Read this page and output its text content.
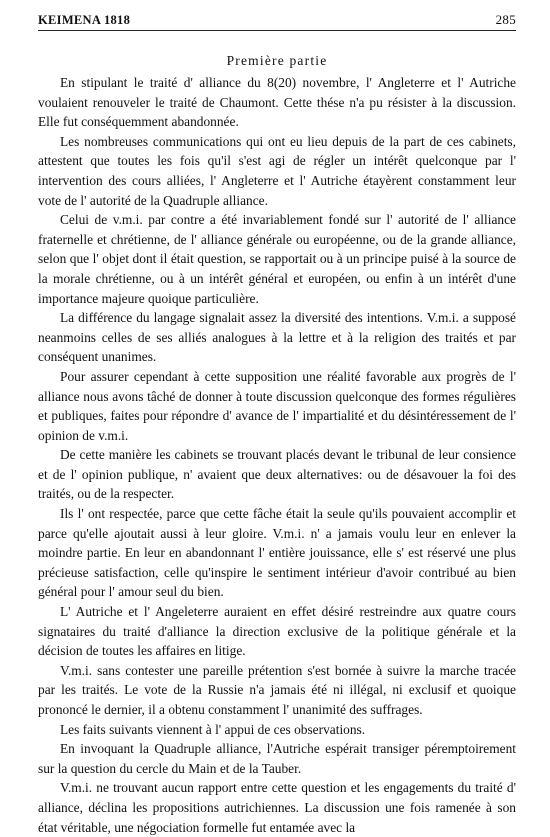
KEIMENA 1818	285
Première partie

En stipulant le traité d' alliance du 8(20) novembre, l' Angleterre et l' Autriche voulaient renouveler le traité de Chaumont. Cette thése n'a pu résister à la discussion. Elle fut conséquemment abandonnée.

Les nombreuses communications qui ont eu lieu depuis de la part de ces cabinets, attestent que toutes les fois qu'il s'est agi de régler un intérêt quelconque par l' intervention des cours alliées, l' Angleterre et l' Autriche étayèrent constamment leur vote de l' autorité de la Quadruple alliance.

Celui de v.m.i. par contre a été invariablement fondé sur l' autorité de l' alliance fraternelle et chrétienne, de l' alliance générale ou européenne, ou de la grande alliance, selon que l' objet dont il était question, se rapportait ou à un principe puisé à la source de la morale chrétienne, ou à un intérêt général et européen, ou enfin à un intérêt d'une importance majeure quoique particulière.

La différence du langage signalait assez la diversité des intentions. V.m.i. a supposé neanmoins celles de ses alliés analogues à la lettre et à la religion des traités et par conséquent unanimes.

Pour assurer cependant à cette supposition une réalité favorable aux progrès de l' alliance nous avons tâché de donner à toute discussion quelconque des formes régulières et publiques, faites pour répondre d' avance de l' impartialité et du désintéressement de l' opinion de v.m.i.

De cette manière les cabinets se trouvant placés devant le tribunal de leur consience et de l' opinion publique, n' avaient que deux alternatives: ou de désavouer la foi des traités, ou de la respecter.

Ils l' ont respectée, parce que cette fâche était la seule qu'ils pouvaient accomplir et parce qu'elle ajoutait aussi à leur gloire. V.m.i. n' a jamais voulu leur en enlever la moindre partie. En leur en abandonnant l' entière jouissance, elle s' est réservé une plus précieuse satisfaction, celle qu'inspire le sentiment intérieur d'avoir contribué au bien général pour l' amour seul du bien.

L' Autriche et l' Angeleterre auraient en effet désiré restreindre aux quatre cours signataires du traité d'alliance la direction exclusive de la politique générale et la décision de toutes les affaires en litige.

V.m.i. sans contester une pareille prétention s'est bornée à suivre la marche tracée par les traités. Le vote de la Russie n'a jamais été ni illégal, ni exclusif et quoique prononcé le dernier, il a obtenu constamment l' unanimité des suffrages.

Les faits suivants viennent à l' appui de ces observations.

En invoquant la Quadruple alliance, l'Autriche espérait transiger péremptoirement sur la question du cercle du Main et de la Tauber.

V.m.i. ne trouvant aucun rapport entre cette question et les engagements du traité d' alliance, déclina les propositions autrichiennes. La discussion une fois ramenée à son état véritable, une négociation formelle fut entamée avec la
